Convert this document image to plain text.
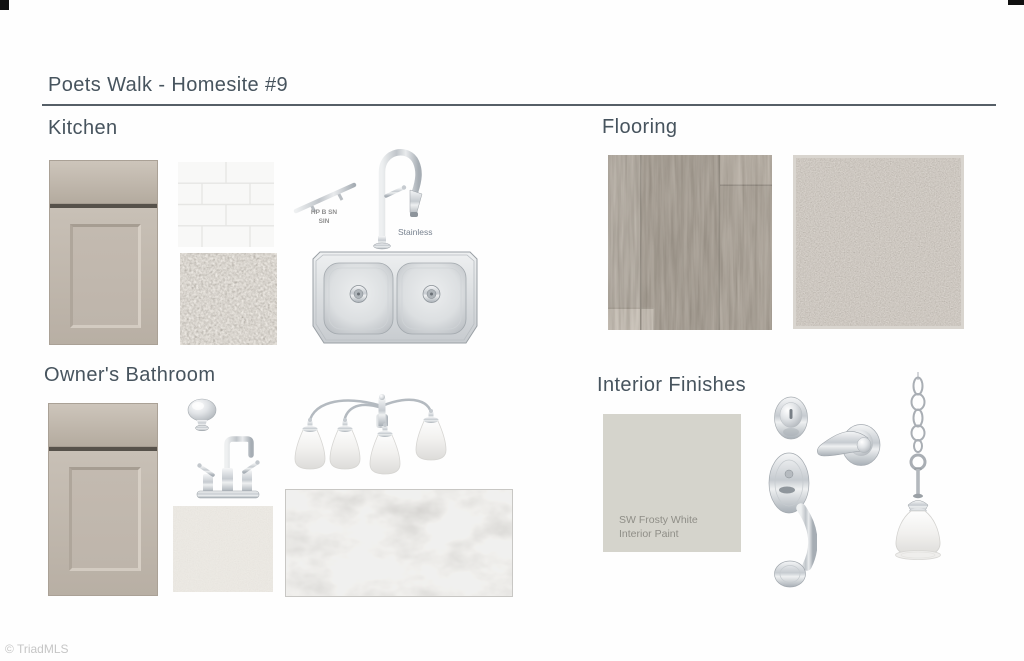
Poets Walk - Homesite #9
Kitchen
HP B SN
SIN
Stainless
Flooring
Owner's Bathroom	Interior Finishes
SW Frosty White
Interior Paint
© TriadMLS
